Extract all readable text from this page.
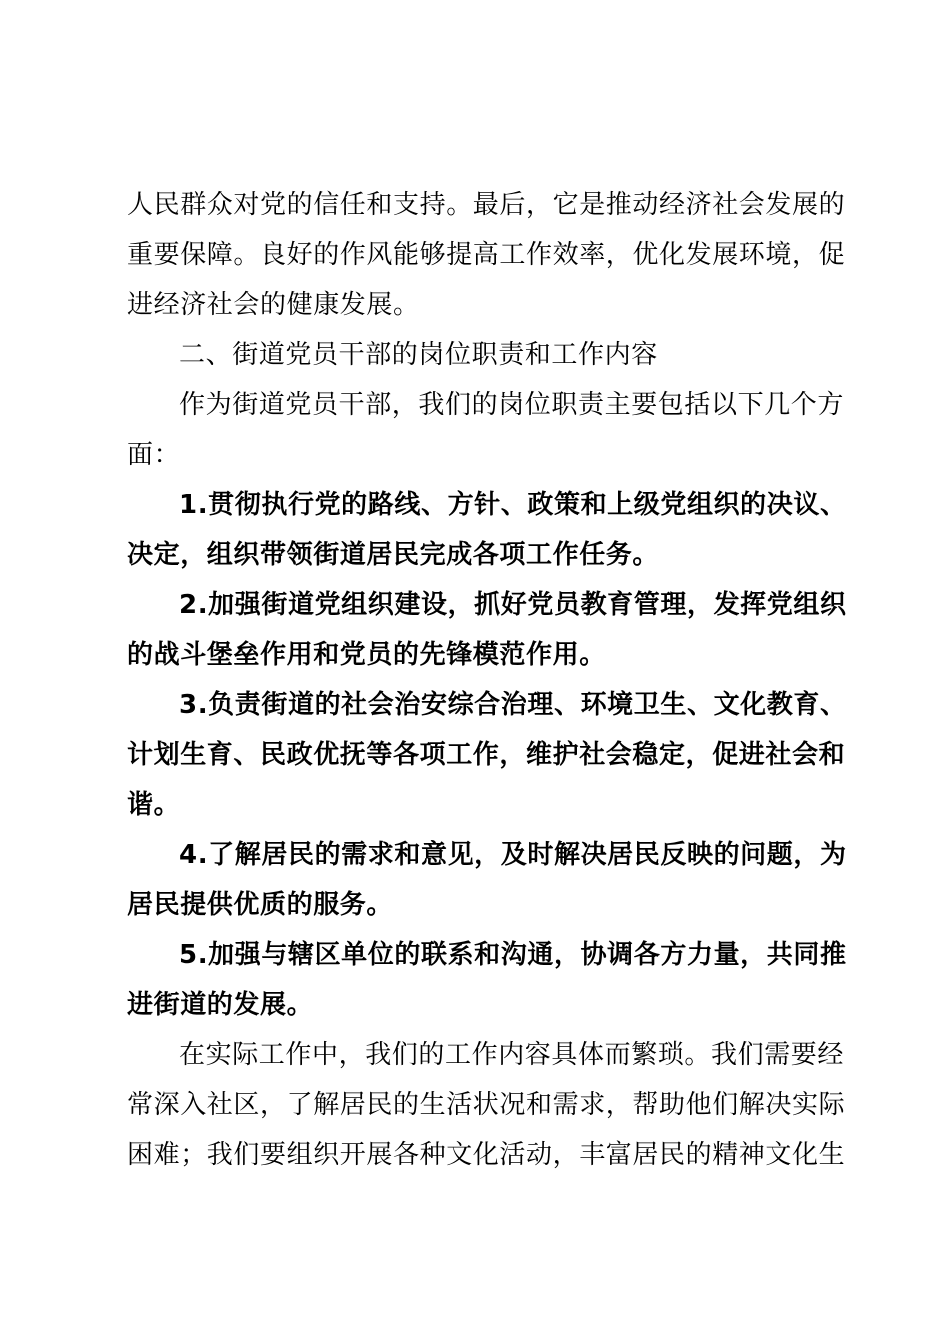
人民群众对党的信任和支持。最后，它是推动经济社会发展的
重要保障。良好的作风能够提高工作效率，优化发展环境，促
进经济社会的健康发展。
二、街道党员干部的岗位职责和工作内容
作为街道党员干部，我们的岗位职责主要包括以下几个方
面：
1.贯彻执行党的路线、方针、政策和上级党组织的决议、
决定，组织带领街道居民完成各项工作任务。
2.加强街道党组织建设，抓好党员教育管理，发挥党组织
的战斗堡垒作用和党员的先锋模范作用。
3.负责街道的社会治安综合治理、环境卫生、文化教育、
计划生育、民政优抚等各项工作，维护社会稳定，促进社会和
谐。
4.了解居民的需求和意见，及时解决居民反映的问题，为
居民提供优质的服务。
5.加强与辖区单位的联系和沟通，协调各方力量，共同推
进街道的发展。
在实际工作中，我们的工作内容具体而繁琐。我们需要经
常深入社区，了解居民的生活状况和需求，帮助他们解决实际
困难；我们要组织开展各种文化活动，丰富居民的精神文化生
